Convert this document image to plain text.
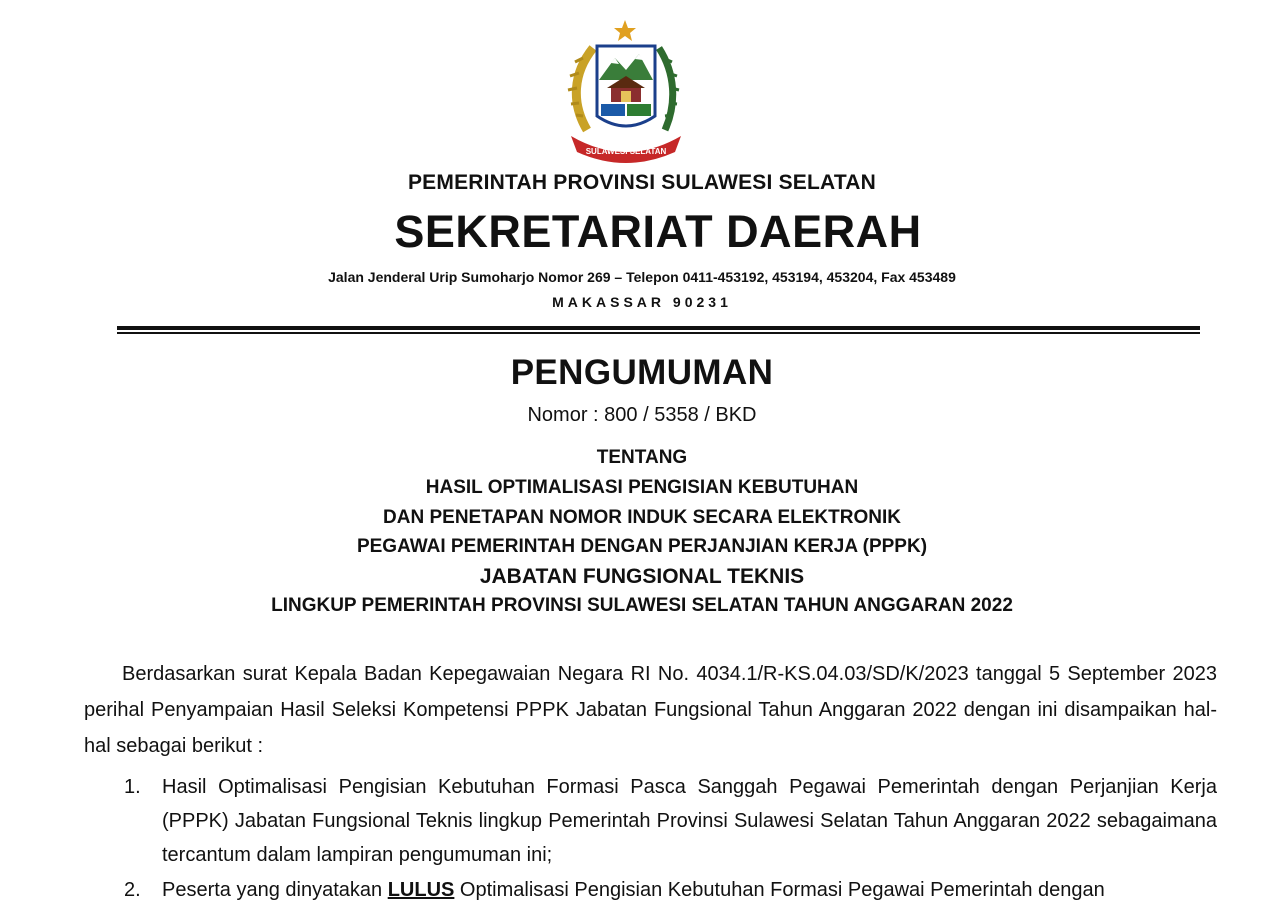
SULAWESI SELATAN
PEMERINTAH PROVINSI SULAWESI SELATAN
SEKRETARIAT DAERAH
Jalan Jenderal Urip Sumoharjo Nomor 269 – Telepon 0411-453192, 453194, 453204, Fax 453489
MAKASSAR 90231
PENGUMUMAN
Nomor : 800 / 5358 / BKD
TENTANG
HASIL OPTIMALISASI PENGISIAN KEBUTUHAN
DAN PENETAPAN NOMOR INDUK SECARA ELEKTRONIK
PEGAWAI PEMERINTAH DENGAN PERJANJIAN KERJA (PPPK)
JABATAN FUNGSIONAL TEKNIS
LINGKUP PEMERINTAH PROVINSI SULAWESI SELATAN TAHUN ANGGARAN 2022
Berdasarkan surat Kepala Badan Kepegawaian Negara RI No. 4034.1/R-KS.04.03/SD/K/2023 tanggal 5 September 2023 perihal Penyampaian Hasil Seleksi Kompetensi PPPK Jabatan Fungsional Tahun Anggaran 2022 dengan ini disampaikan hal-hal sebagai berikut :
1. Hasil Optimalisasi Pengisian Kebutuhan Formasi Pasca Sanggah Pegawai Pemerintah dengan Perjanjian Kerja (PPPK) Jabatan Fungsional Teknis lingkup Pemerintah Provinsi Sulawesi Selatan Tahun Anggaran 2022 sebagaimana tercantum dalam lampiran pengumuman ini;
2. Peserta yang dinyatakan LULUS Optimalisasi Pengisian Kebutuhan Formasi Pegawai Pemerintah dengan
